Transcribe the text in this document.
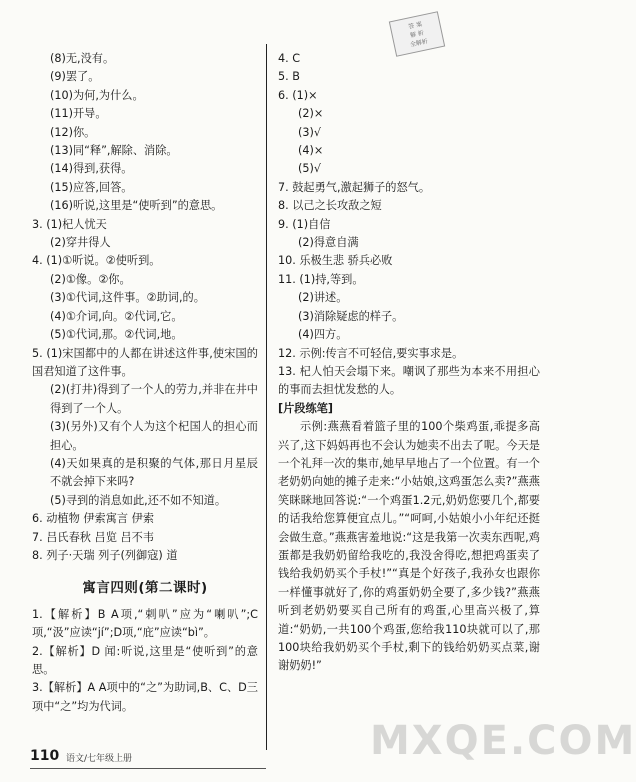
答 案
解 析
全解析
(8)无,没有。
(9)罢了。
(10)为何,为什么。
(11)开导。
(12)你。
(13)同“释”,解除、消除。
(14)得到,获得。
(15)应答,回答。
(16)听说,这里是“使听到”的意思。
3. (1)杞人忧天
(2)穿井得人
4. (1)①听说。②使听到。
(2)①像。②你。
(3)①代词,这件事。②助词,的。
(4)①介词,向。②代词,它。
(5)①代词,那。②代词,地。
5. (1)宋国都中的人都在讲述这件事,使宋国的国君知道了这件事。
(2)(打井)得到了一个人的劳力,并非在井中得到了一个人。
(3)(另外)又有个人为这个杞国人的担心而担心。
(4)天如果真的是积聚的气体,那日月星辰不就会掉下来吗?
(5)寻到的消息如此,还不如不知道。
6. 动植物 伊索寓言 伊索
7. 吕氏春秋 吕览 吕不韦
8. 列子·天瑞 列子(列御寇) 道
寓言四则(第二课时)
1.【解析】B A项,“剌叭”应为“喇叭”;C项,“汲”应读“jí”;D项,“庇”应读“bì”。
2.【解析】D 闻:听说,这里是“使听到”的意思。
3.【解析】A A项中的“之”为助词,B、C、D三项中“之”均为代词。
4. C
5. B
6. (1)×
(2)×
(3)√
(4)×
(5)√
7. 鼓起勇气,激起狮子的怒气。
8. 以己之长攻敌之短
9. (1)自信
(2)得意自满
10. 乐极生悲 骄兵必败
11. (1)持,等到。
(2)讲述。
(3)消除疑虑的样子。
(4)四方。
12. 示例:传言不可轻信,要实事求是。
13. 杞人怕天会塌下来。嘲讽了那些为本来不用担心的事而去担忧发愁的人。
[片段练笔]
示例:燕燕看着篮子里的100个柴鸡蛋,乖提多高兴了,这下妈妈再也不会认为她卖不出去了呢。今天是一个礼拜一次的集市,她早早地占了一个位置。有一个老奶奶向她的摊子走来:“小姑娘,这鸡蛋怎么卖?”燕燕笑眯眯地回答说:“一个鸡蛋1.2元,奶奶您要几个,都要的话我给您算便宜点儿。”“呵呵,小姑娘小小年纪还挺会做生意。”燕燕害羞地说:“这是我第一次卖东西呢,鸡蛋都是我奶奶留给我吃的,我没舍得吃,想把鸡蛋卖了钱给我奶奶买个手杖!”“真是个好孩子,我孙女也跟你一样懂事就好了,你的鸡蛋奶奶全要了,多少钱?”燕燕听到老奶奶要买自己所有的鸡蛋,心里高兴极了,算道:“奶奶,一共100个鸡蛋,您给我110块就可以了,那100块给我奶奶买个手杖,剩下的钱给奶奶买点菜,谢谢奶奶!”
110 语文/七年级上册	MXQE.COM
